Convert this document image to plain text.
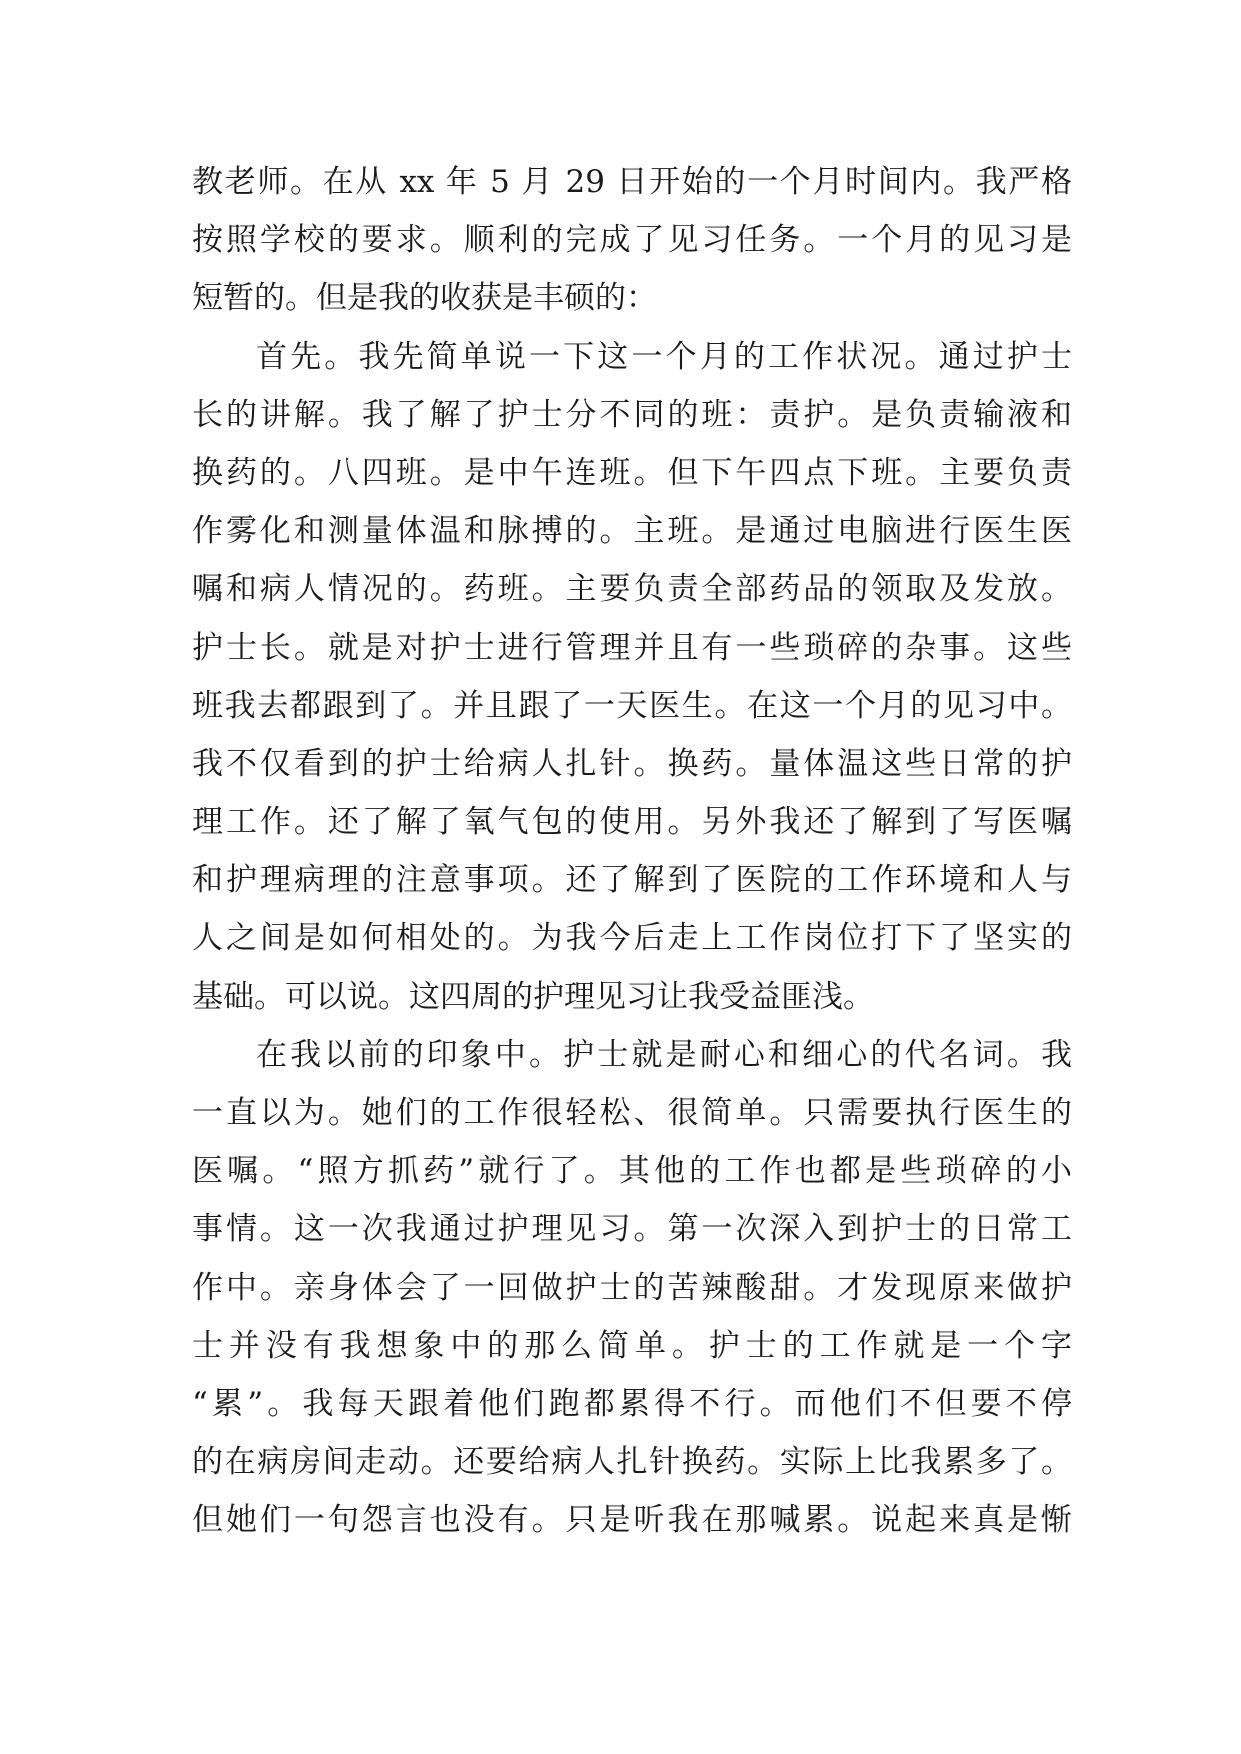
教老师。在从 xx 年 5 月 29 日开始的一个月时间内。我严格
按照学校的要求。顺利的完成了见习任务。一个月的见习是
短暂的。但是我的收获是丰硕的：
首先。我先简单说一下这一个月的工作状况。通过护士
长的讲解。我了解了护士分不同的班：责护。是负责输液和
换药的。八四班。是中午连班。但下午四点下班。主要负责
作雾化和测量体温和脉搏的。主班。是通过电脑进行医生医
嘱和病人情况的。药班。主要负责全部药品的领取及发放。
护士长。就是对护士进行管理并且有一些琐碎的杂事。这些
班我去都跟到了。并且跟了一天医生。在这一个月的见习中。
我不仅看到的护士给病人扎针。换药。量体温这些日常的护
理工作。还了解了氧气包的使用。另外我还了解到了写医嘱
和护理病理的注意事项。还了解到了医院的工作环境和人与
人之间是如何相处的。为我今后走上工作岗位打下了坚实的
基础。可以说。这四周的护理见习让我受益匪浅。
在我以前的印象中。护士就是耐心和细心的代名词。我
一直以为。她们的工作很轻松、很简单。只需要执行医生的
医嘱。“照方抓药”就行了。其他的工作也都是些琐碎的小
事情。这一次我通过护理见习。第一次深入到护士的日常工
作中。亲身体会了一回做护士的苦辣酸甜。才发现原来做护
士并没有我想象中的那么简单。护士的工作就是一个字
“累”。我每天跟着他们跑都累得不行。而他们不但要不停
的在病房间走动。还要给病人扎针换药。实际上比我累多了。
但她们一句怨言也没有。只是听我在那喊累。说起来真是惭
